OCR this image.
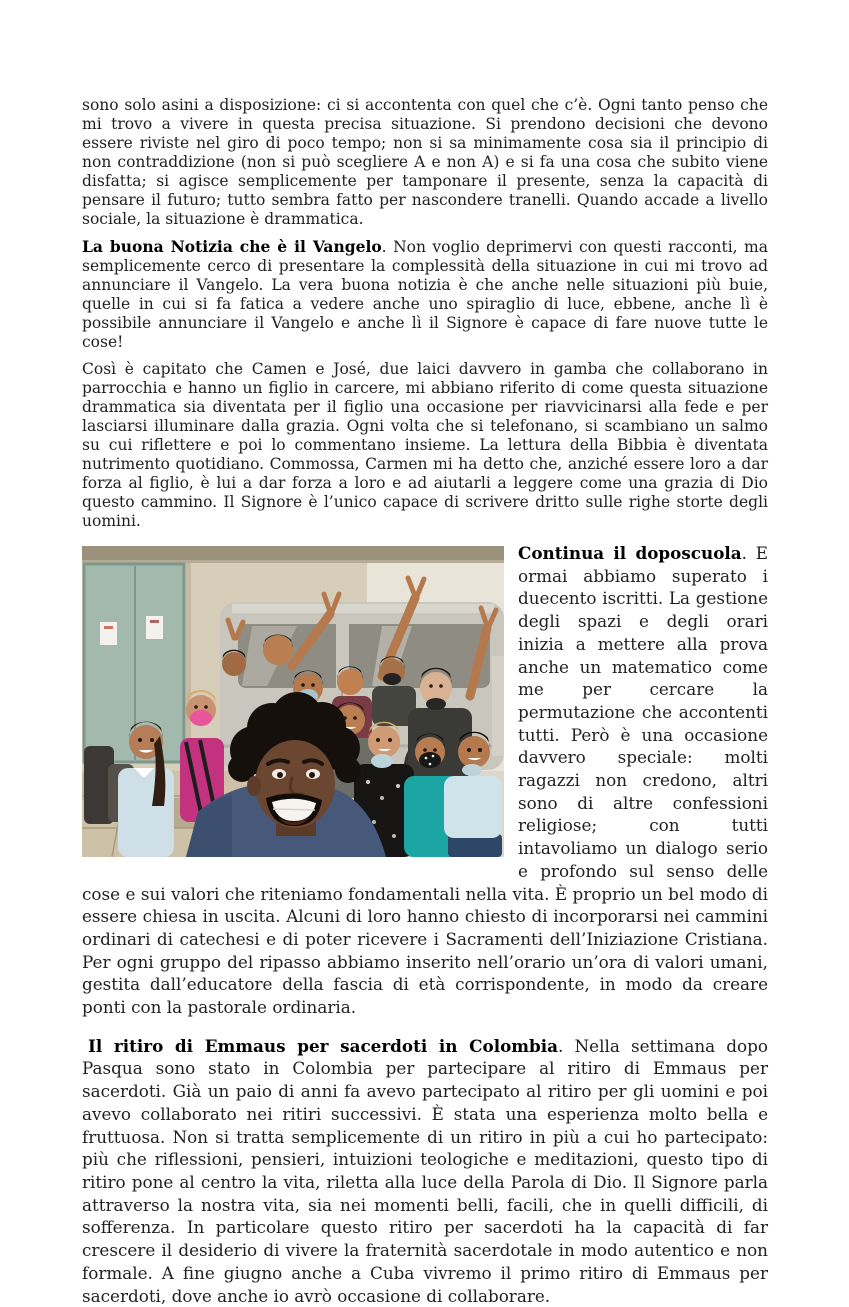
sono solo asini a disposizione: ci si accontenta con quel che c’è. Ogni tanto penso che mi trovo a vivere in questa precisa situazione. Si prendono decisioni che devono essere riviste nel giro di poco tempo; non si sa minimamente cosa sia il principio di non contraddizione (non si può scegliere A e non A) e si fa una cosa che subito viene disfatta; si agisce semplicemente per tamponare il presente, senza la capacità di pensare il futuro; tutto sembra fatto per nascondere tranelli. Quando accade a livello sociale, la situazione è drammatica.

La buona Notizia che è il Vangelo. Non voglio deprimervi con questi racconti, ma semplicemente cerco di presentare la complessità della situazione in cui mi trovo ad annunciare il Vangelo. La vera buona notizia è che anche nelle situazioni più buie, quelle in cui si fa fatica a vedere anche uno spiraglio di luce, ebbene, anche lì è possibile annunciare il Vangelo e anche lì il Signore è capace di fare nuove tutte le cose!

Così è capitato che Camen e José, due laici davvero in gamba che collaborano in parrocchia e hanno un figlio in carcere, mi abbiano riferito di come questa situazione drammatica sia diventata per il figlio una occasione per riavvicinarsi alla fede e per lasciarsi illuminare dalla grazia. Ogni volta che si telefonano, si scambiano un salmo su cui riflettere e poi lo commentano insieme. La lettura della Bibbia è diventata nutrimento quotidiano. Commossa, Carmen mi ha detto che, anziché essere loro a dar forza al figlio, è lui a dar forza a loro e ad aiutarli a leggere come una grazia di Dio questo cammino. Il Signore è l’unico capace di scrivere dritto sulle righe storte degli uomini.

Continua il doposcuola. E ormai abbiamo superato i duecento iscritti. La gestione degli spazi e degli orari inizia a mettere alla prova anche un matematico come me per cercare la permutazione che accontenti tutti. Però è una occasione davvero speciale: molti ragazzi non credono, altri sono di altre confessioni religiose; con tutti intavoliamo un dialogo serio e profondo sul senso delle cose e sui valori che riteniamo fondamentali nella vita. È proprio un bel modo di essere chiesa in uscita. Alcuni di loro hanno chiesto di incorporarsi nei cammini ordinari di catechesi e di poter ricevere i Sacramenti dell’Iniziazione Cristiana. Per ogni gruppo del ripasso abbiamo inserito nell’orario un’ora di valori umani, gestita dall’educatore della fascia di età corrispondente, in modo da creare ponti con la pastorale ordinaria.

Il ritiro di Emmaus per sacerdoti in Colombia. Nella settimana dopo Pasqua sono stato in Colombia per partecipare al ritiro di Emmaus per sacerdoti. Già un paio di anni fa avevo partecipato al ritiro per gli uomini e poi avevo collaborato nei ritiri successivi. È stata una esperienza molto bella e fruttuosa. Non si tratta semplicemente di un ritiro in più a cui ho partecipato: più che riflessioni, pensieri, intuizioni teologiche e meditazioni, questo tipo di ritiro pone al centro la vita, riletta alla luce della Parola di Dio. Il Signore parla attraverso la nostra vita, sia nei momenti belli, facili, che in quelli difficili, di sofferenza. In particolare questo ritiro per sacerdoti ha la capacità di far crescere il desiderio di vivere la fraternità sacerdotale in modo autentico e non formale. A fine giugno anche a Cuba vivremo il primo ritiro di Emmaus per sacerdoti, dove anche io avrò occasione di collaborare.
